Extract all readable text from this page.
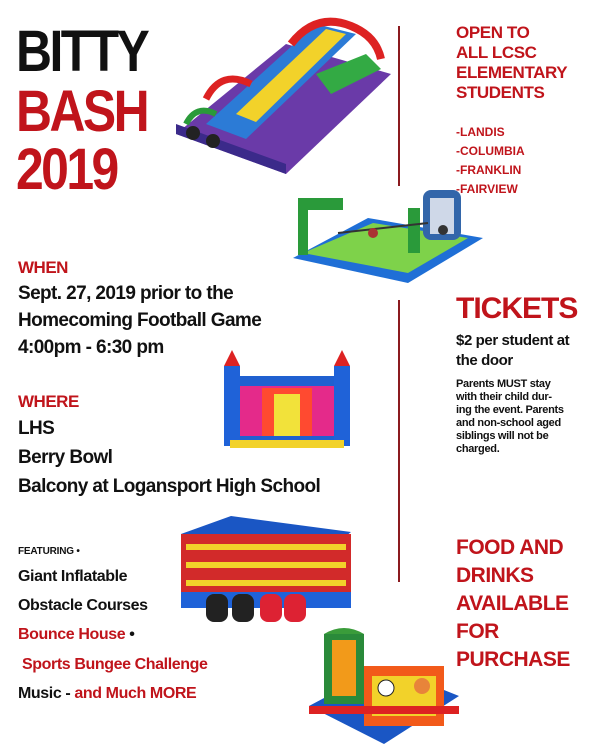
BITTY
BASH
2019
OPEN TO
ALL LCSC
ELEMENTARY
STUDENTS
-LANDIS
-COLUMBIA
-FRANKLIN
-FAIRVIEW
WHEN
Sept. 27, 2019 prior to the
Homecoming Football Game
4:00pm - 6:30 pm
WHERE
LHS
Berry Bowl
Balcony at Logansport High School
TICKETS
$2 per student at
the door
Parents MUST stay
with their child dur-
ing the event. Parents
and non-school aged
siblings will not be
charged.
FEATURING •
Giant Inflatable
Obstacle Courses
Bounce House •
Sports Bungee Challenge
Music - and Much MORE
FOOD AND
DRINKS
AVAILABLE
FOR
PURCHASE
